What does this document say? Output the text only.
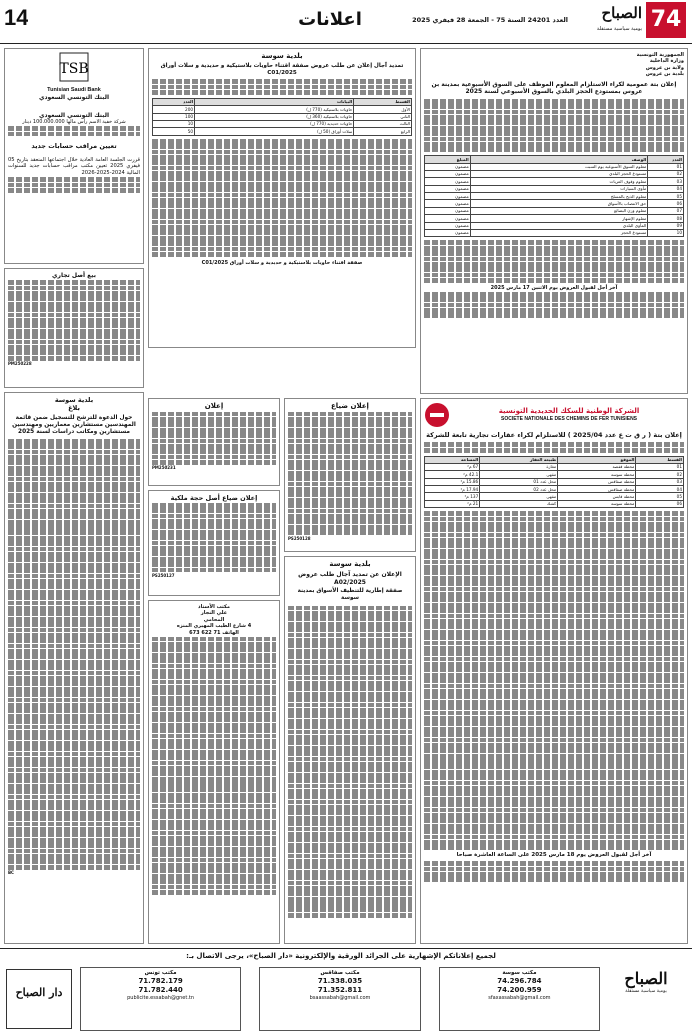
14	اعلانات	العدد 24201 السنة 75 - الجمعة 28 فيفري 2025	74
الصباح
يومية سياسية مستقلة
الجمهورية التونسية
وزارة الداخلية
ولاية بن عروس
بلدية بن عروس
إعلان بتة عمومية لكراء الاستلزام المعلوم الموظف على السوق الأسبوعية بمدينة بن عروس بمستودع الحجز البلدي بالسوق الأسبوعي لسنة 2025
العدد	الوصف	المبلغ
01	معلوم السوق الأسبوعية يوم السبت	مضمون
02	مستودع الحجز البلدي	مضمون
03	معلوم وقوف العربات	مضمون
04	مأوى السيارات	مضمون
05	معلوم الذبح بالمسلخ	مضمون
06	حق الانتصاب بالأسواق	مضمون
07	معلوم وزن البضائع	مضمون
08	معلوم الإشهار	مضمون
09	المأوى البلدي	مضمون
10	مستودع الحجز	مضمون
آخر أجل لقبول العروض يوم الاثنين 17 مارس 2025
بلدية سوسة
تمديد آجال إعلان عن طلب عروض صفقة اقتناء حاويات بلاستيكية و حديدية و سلات أوراق C01/2025
القسط	البيانات	العدد
الأول	حاويات بلاستيكية (770 ل)	200
الثاني	حاويات بلاستيكية (360 ل)	100
الثالث	حاويات حديدية (770 ل)	10
الرابع	سلات أوراق (50 ل)	50
صفقة اقتناء حاويات بلاستيكية و حديدية و سلات أوراق C01/2025
TSB
Tunisian Saudi Bank
البنك التونسي السعودي
البنك التونسي السعودي
شركة خفية الاسم رأس مالها 100.000.000 دينار
تعيين مراقب حسابات جديد
قررت الجلسة العامة العادية خلال اجتماعها المنعقد بتاريخ 05 فيفري 2025 تعيين مكتب مراقب حسابات جديد للسنوات المالية 2024-2025-2026
بيع أصل تجاري
PM250228
الشركة الوطنية للسكك الحديدية التونسية
SOCIETE NATIONALE DES CHEMINS DE FER TUNISIENS
إعلان بتة ( ر ق ت ع عدد 2025/04 ) للاستلزام لكراء عقارات تجارية تابعة للشركة
القسط	الموقع	طبيعة العقار	المساحة
01	محطة قفصة	مغازة	67 م²
02	محطة سوسة	مقهى	42.1 م²
03	محطة صفاقس	محل عدد 01	15.86 م²
04	محطة صفاقس	محل عدد 02	17.94 م²
05	محطة قابس	مقهى	137 م²
06	محطة سوسة	كشك	21 م²
آخر أجل لقبول العروض يوم 18 مارس 2025 على الساعة العاشرة صباحا
إعلان ضياع
PS250128
بلدية سوسة
الإعلان عن تمديد آجال طلب عروض 2025/A02
صفقة إطارية للتنظيف الأسواق بمدينة سوسة
إعلان
PM250231
إعلان ضياع أصل حجة ملكية
PS250127
مكتب الأستاذ
علي النجار
المحامي
4 شارع الطيب المهيري المنزه
الهاتف 71 622 673
بلدية سوسة
بلاغ
حول الدعوة للترشح للتسجيل ضمن قائمة المهندسين مستشارين معماريين ومهندسين مستشارين ومكاتب دراسات لسنة 2025
BC
لجميع إعلاناتكم الإشهارية على الجرائد الورقية والإلكترونية «دار الصباح»، يرجى الاتصال بـ:
الصباح
يومية سياسية مستقلة
دار الصباح
مكتب سوسة
74.296.784
74.200.959
sfaxassabah@gmail.com
مكتب صفاقس
71.338.035
71.352.811
bsaassabah@gmail.com
مكتب تونس
71.782.179
71.782.440
publicite.essabah@gnet.tn
